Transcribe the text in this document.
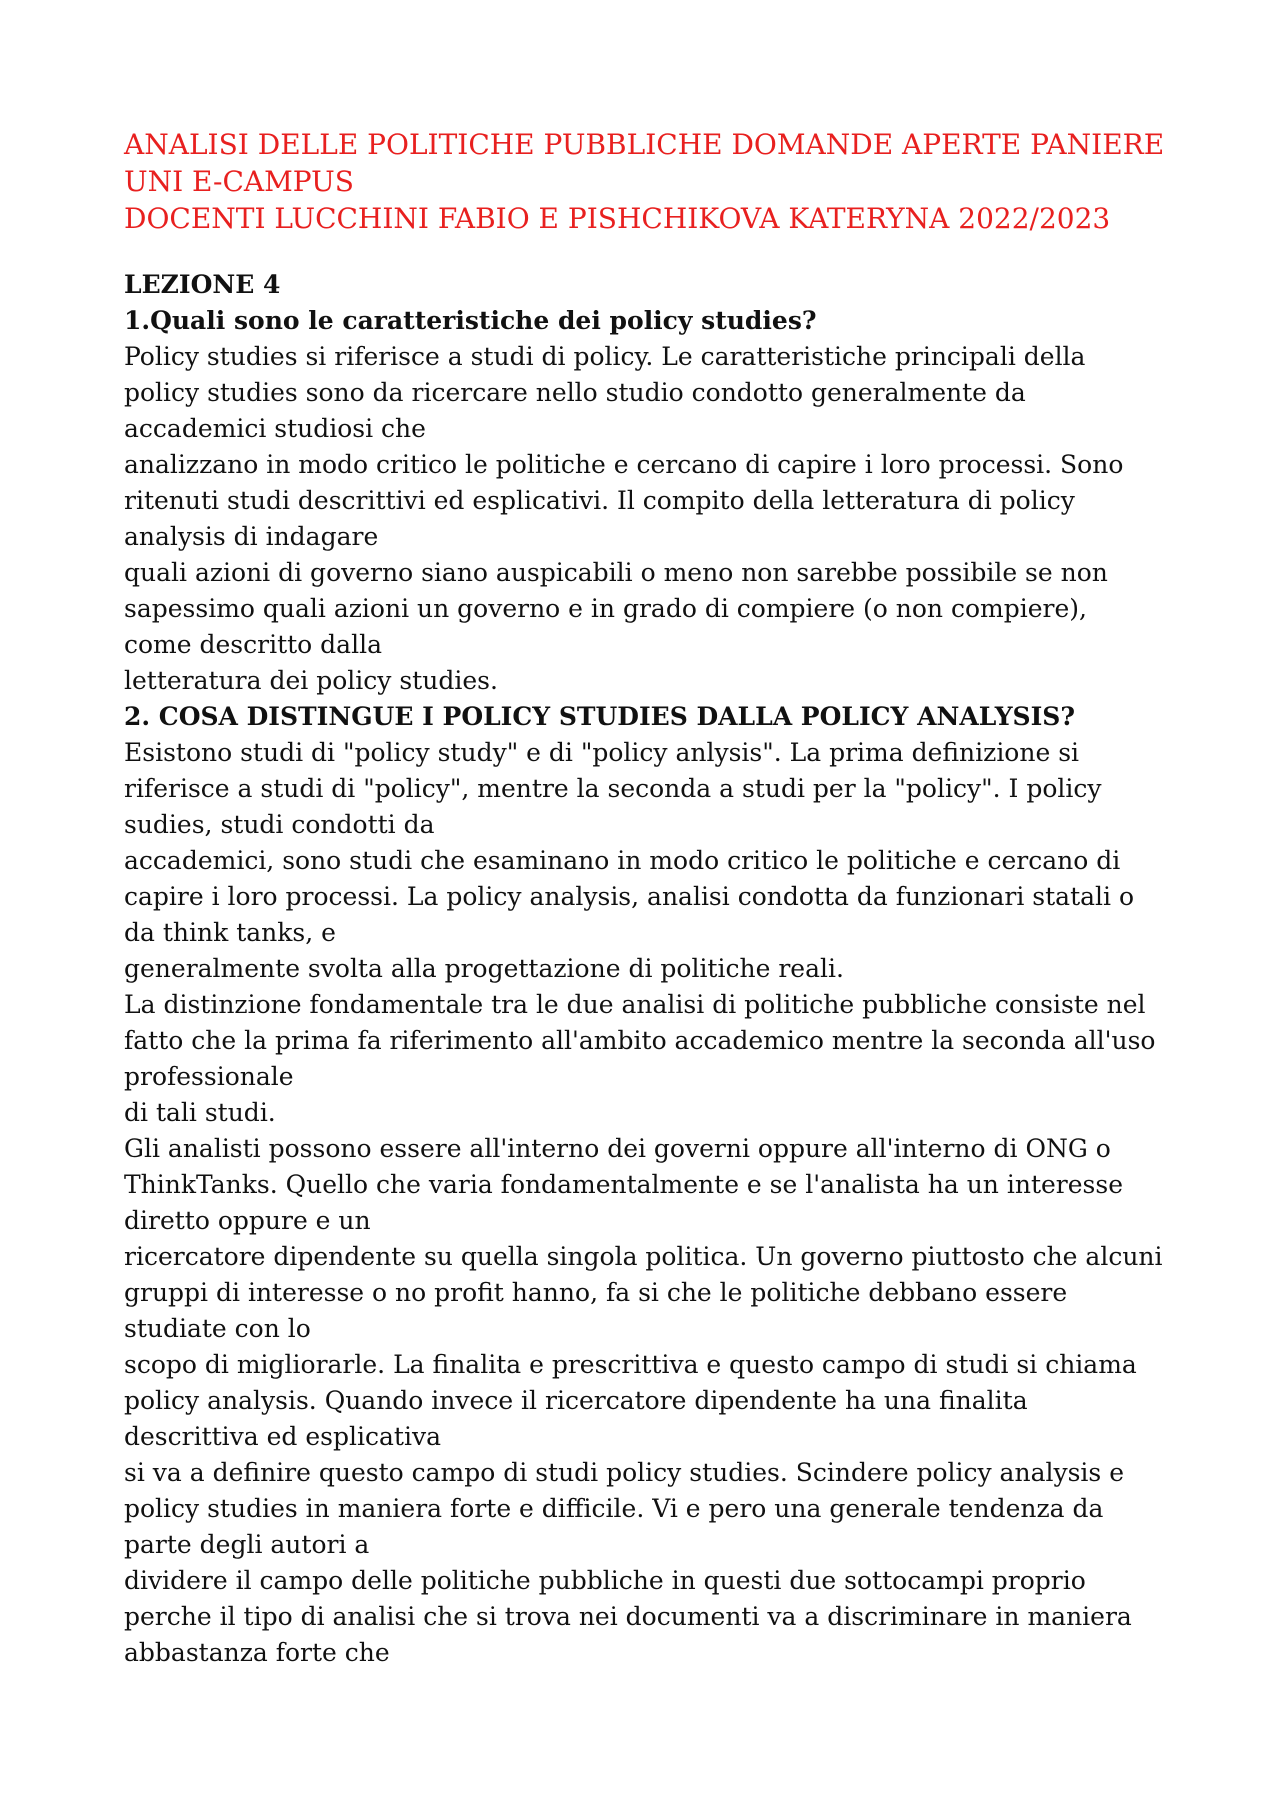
ANALISI DELLE POLITICHE PUBBLICHE DOMANDE APERTE PANIERE
UNI E-CAMPUS
DOCENTI LUCCHINI FABIO E PISHCHIKOVA KATERYNA 2022/2023
LEZIONE 4
1.Quali sono le caratteristiche dei policy studies?
Policy studies si riferisce a studi di policy. Le caratteristiche principali della
policy studies sono da ricercare nello studio condotto generalmente da
accademici studiosi che
analizzano in modo critico le politiche e cercano di capire i loro processi. Sono
ritenuti studi descrittivi ed esplicativi. Il compito della letteratura di policy
analysis di indagare
quali azioni di governo siano auspicabili o meno non sarebbe possibile se non
sapessimo quali azioni un governo e in grado di compiere (o non compiere),
come descritto dalla
letteratura dei policy studies.
2. COSA DISTINGUE I POLICY STUDIES DALLA POLICY ANALYSIS?
Esistono studi di "policy study" e di "policy anlysis". La prima definizione si
riferisce a studi di "policy", mentre la seconda a studi per la "policy". I policy
sudies, studi condotti da
accademici, sono studi che esaminano in modo critico le politiche e cercano di
capire i loro processi. La policy analysis, analisi condotta da funzionari statali o
da think tanks, e
generalmente svolta alla progettazione di politiche reali.
La distinzione fondamentale tra le due analisi di politiche pubbliche consiste nel
fatto che la prima fa riferimento all'ambito accademico mentre la seconda all'uso
professionale
di tali studi.
Gli analisti possono essere all'interno dei governi oppure all'interno di ONG o
ThinkTanks. Quello che varia fondamentalmente e se l'analista ha un interesse
diretto oppure e un
ricercatore dipendente su quella singola politica. Un governo piuttosto che alcuni
gruppi di interesse o no profit hanno, fa si che le politiche debbano essere
studiate con lo
scopo di migliorarle. La finalita e prescrittiva e questo campo di studi si chiama
policy analysis. Quando invece il ricercatore dipendente ha una finalita
descrittiva ed esplicativa
si va a definire questo campo di studi policy studies. Scindere policy analysis e
policy studies in maniera forte e difficile. Vi e pero una generale tendenza da
parte degli autori a
dividere il campo delle politiche pubbliche in questi due sottocampi proprio
perche il tipo di analisi che si trova nei documenti va a discriminare in maniera
abbastanza forte che
